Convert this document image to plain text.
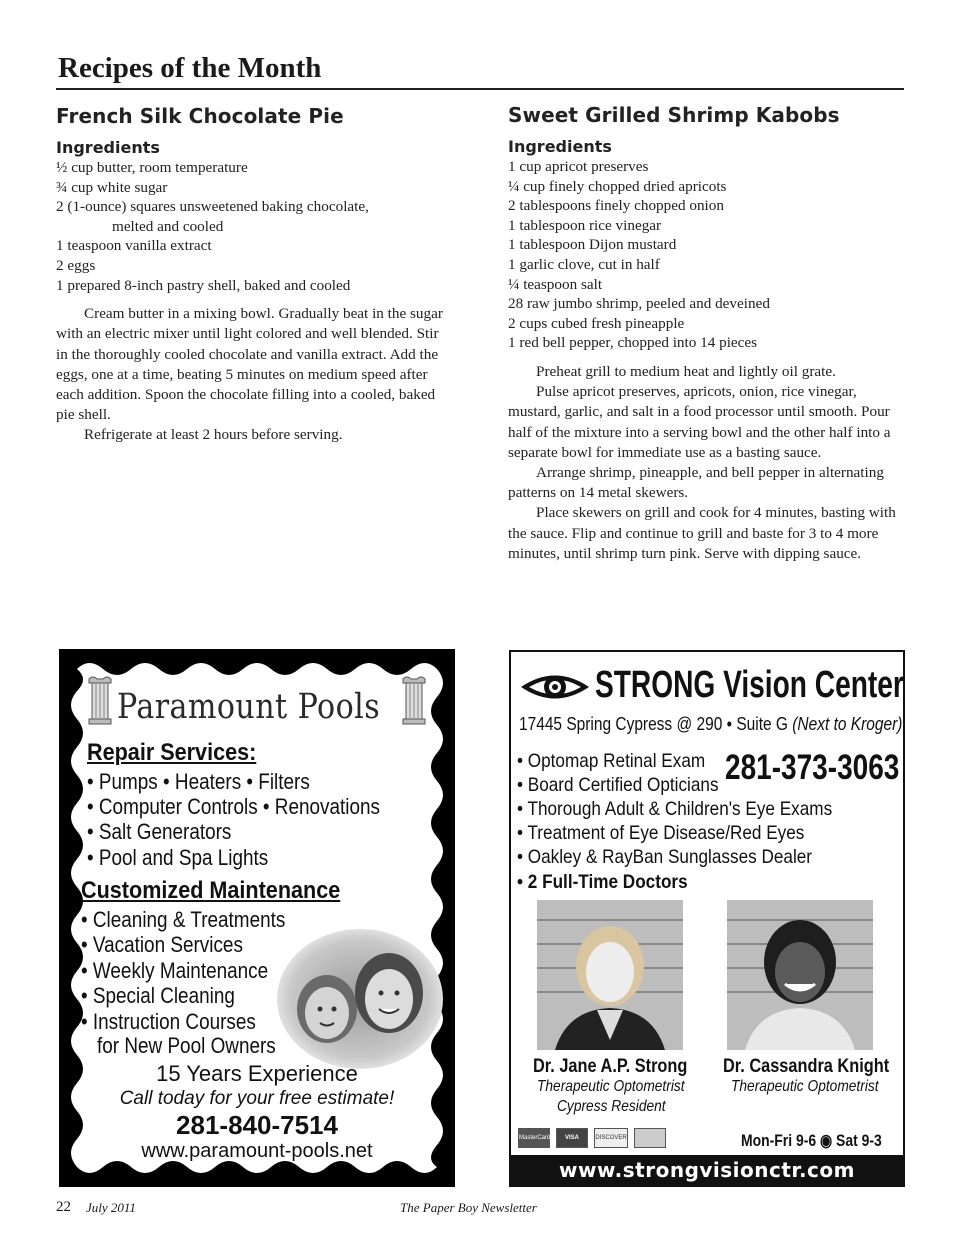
Recipes of the Month
French Silk Chocolate Pie
Ingredients
½ cup butter, room temperature
¾ cup white sugar
2 (1-ounce) squares unsweetened baking chocolate,
melted and cooled
1 teaspoon vanilla extract
2 eggs
1 prepared 8-inch pastry shell, baked and cooled

Cream butter in a mixing bowl. Gradually beat in the sugar with an electric mixer until light colored and well blended. Stir in the thoroughly cooled chocolate and vanilla extract. Add the eggs, one at a time, beating 5 minutes on medium speed after each addition. Spoon the chocolate filling into a cooled, baked pie shell.

Refrigerate at least 2 hours before serving.

Sweet Grilled Shrimp Kabobs
Ingredients
1 cup apricot preserves
¼ cup finely chopped dried apricots
2 tablespoons finely chopped onion
1 tablespoon rice vinegar
1 tablespoon Dijon mustard
1 garlic clove, cut in half
¼ teaspoon salt
28 raw jumbo shrimp, peeled and deveined
2 cups cubed fresh pineapple
1 red bell pepper, chopped into 14 pieces

Preheat grill to medium heat and lightly oil grate.

Pulse apricot preserves, apricots, onion, rice vinegar, mustard, garlic, and salt in a food processor until smooth. Pour half of the mixture into a serving bowl and the other half into a separate bowl for immediate use as a basting sauce.

Arrange shrimp, pineapple, and bell pepper in alternating patterns on 14 metal skewers.

Place skewers on grill and cook for 4 minutes, basting with the sauce. Flip and continue to grill and baste for 3 to 4 more minutes, until shrimp turn pink. Serve with dipping sauce.

Paramount Pools
Repair Services:
• Pumps • Heaters • Filters
• Computer Controls • Renovations
• Salt Generators
• Pool and Spa Lights
Customized Maintenance
• Cleaning & Treatments
• Vacation Services
• Weekly Maintenance
• Special Cleaning
• Instruction Courses
for New Pool Owners
15 Years Experience
Call today for your free estimate!
281-840-7514
www.paramount-pools.net
STRONG Vision Center
17445 Spring Cypress @ 290 • Suite G (Next to Kroger)
• Optomap Retinal Exam
• Board Certified Opticians
• Thorough Adult & Children's Eye Exams
• Treatment of Eye Disease/Red Eyes
• Oakley & RayBan Sunglasses Dealer
• 2 Full-Time Doctors
281-373-3063
Dr. Jane A.P. Strong
Therapeutic Optometrist
Cypress Resident
Dr. Cassandra Knight
Therapeutic Optometrist
Mon-Fri 9-6 ◉ Sat 9-3
www.strongvisionctr.com
MasterCard	VISA	DISCOVER
22 July 2011	The Paper Boy Newsletter
